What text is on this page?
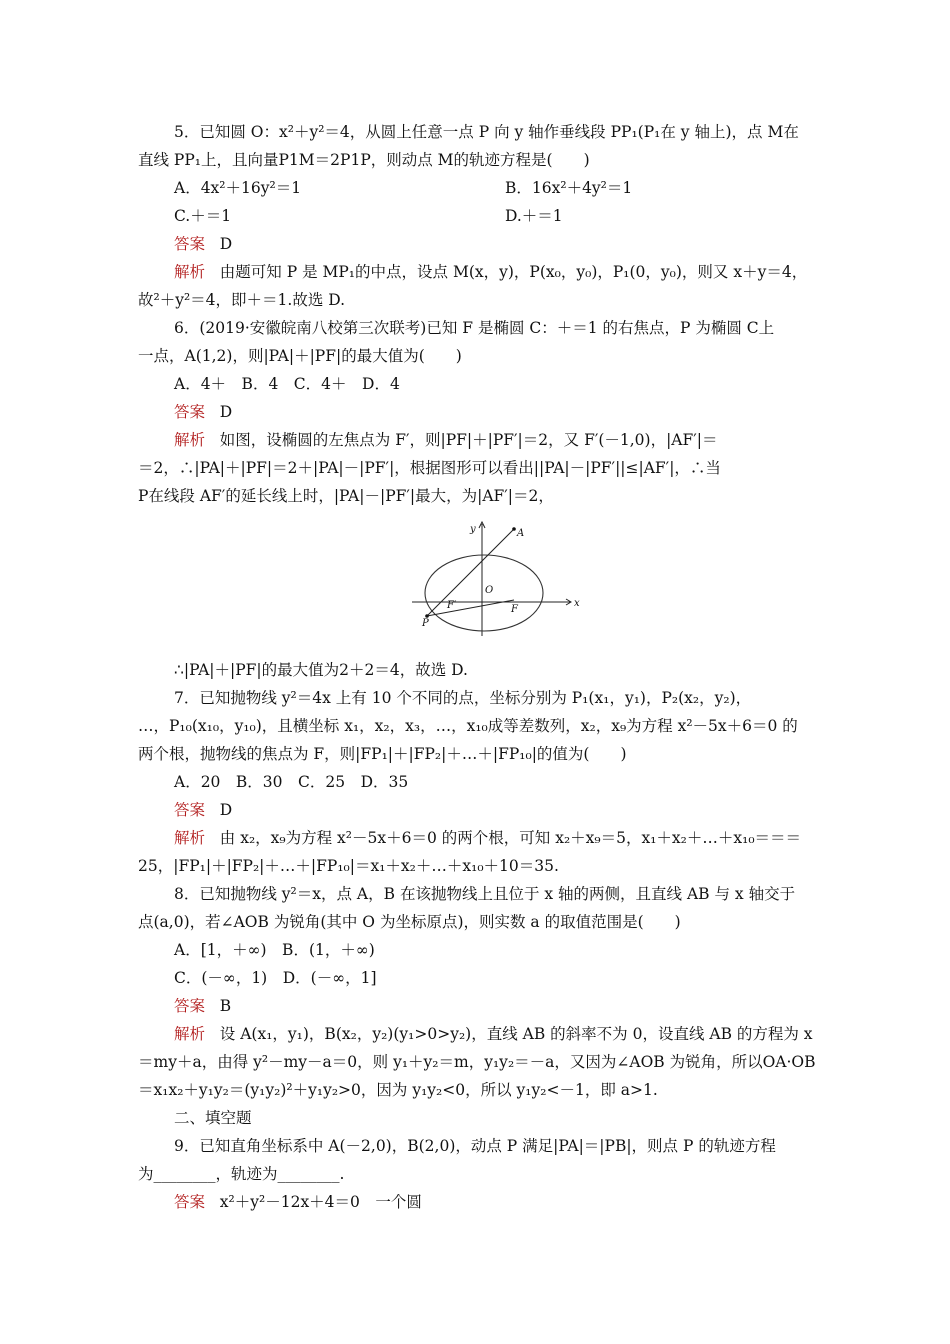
5．已知圆 O：x²＋y²＝4，从圆上任意一点 P 向 y 轴作垂线段 PP₁(P₁在 y 轴上)，点 M在
直线 PP₁上，且向量P1M＝2P1P，则动点 M的轨迹方程是(　　)
A．4x²＋16y²＝1	B．16x²＋4y²＝1
C.＋＝1	D.＋＝1
答案 D
解析 由题可知 P 是 MP₁的中点，设点 M(x，y)，P(x₀，y₀)，P₁(0，y₀)，则又 x＋y＝4，
故²＋y²＝4，即＋＝1.故选 D.
6．(2019·安徽皖南八校第三次联考)已知 F 是椭圆 C：＋＝1 的右焦点，P 为椭圆 C上
一点，A(1,2)，则|PA|＋|PF|的最大值为(　　)
A．4＋　B．4　C．4＋　D．4
答案 D
解析 如图，设椭圆的左焦点为 F′，则|PF|＋|PF′|＝2，又 F′(－1,0)，|AF′|＝
＝2，∴|PA|＋|PF|＝2＋|PA|－|PF′|，根据图形可以看出||PA|－|PF′||≤|AF′|，∴当
P在线段 AF′的延长线上时，|PA|－|PF′|最大，为|AF′|＝2，
y
x
O
A
F
F′
P
∴|PA|＋|PF|的最大值为2＋2＝4，故选 D.
7．已知抛物线 y²＝4x 上有 10 个不同的点，坐标分别为 P₁(x₁，y₁)，P₂(x₂，y₂)，
…，P₁₀(x₁₀，y₁₀)，且横坐标 x₁，x₂，x₃，…，x₁₀成等差数列，x₂，x₉为方程 x²－5x＋6＝0 的
两个根，抛物线的焦点为 F，则|FP₁|＋|FP₂|＋…＋|FP₁₀|的值为(　　)
A．20　B．30　C．25　D．35
答案 D
解析 由 x₂，x₉为方程 x²－5x＋6＝0 的两个根，可知 x₂＋x₉＝5，x₁＋x₂＋…＋x₁₀＝＝＝
25，|FP₁|＋|FP₂|＋…＋|FP₁₀|＝x₁＋x₂＋…＋x₁₀＋10＝35.
8．已知抛物线 y²＝x，点 A，B 在该抛物线上且位于 x 轴的两侧，且直线 AB 与 x 轴交于
点(a,0)，若∠AOB 为锐角(其中 O 为坐标原点)，则实数 a 的取值范围是(　　)
A．[1，＋∞)　B．(1，＋∞)
C．(－∞，1)　D．(－∞，1]
答案 B
解析 设 A(x₁，y₁)，B(x₂，y₂)(y₁>0>y₂)，直线 AB 的斜率不为 0，设直线 AB 的方程为 x
＝my＋a，由得 y²－my－a＝0，则 y₁＋y₂＝m，y₁y₂＝－a，又因为∠AOB 为锐角，所以OA·OB
＝x₁x₂＋y₁y₂＝(y₁y₂)²＋y₁y₂>0，因为 y₁y₂<0，所以 y₁y₂<－1，即 a>1.
二、填空题
9．已知直角坐标系中 A(－2,0)，B(2,0)，动点 P 满足|PA|＝|PB|，则点 P 的轨迹方程
为________，轨迹为________.
答案 x²＋y²－12x＋4＝0　一个圆
